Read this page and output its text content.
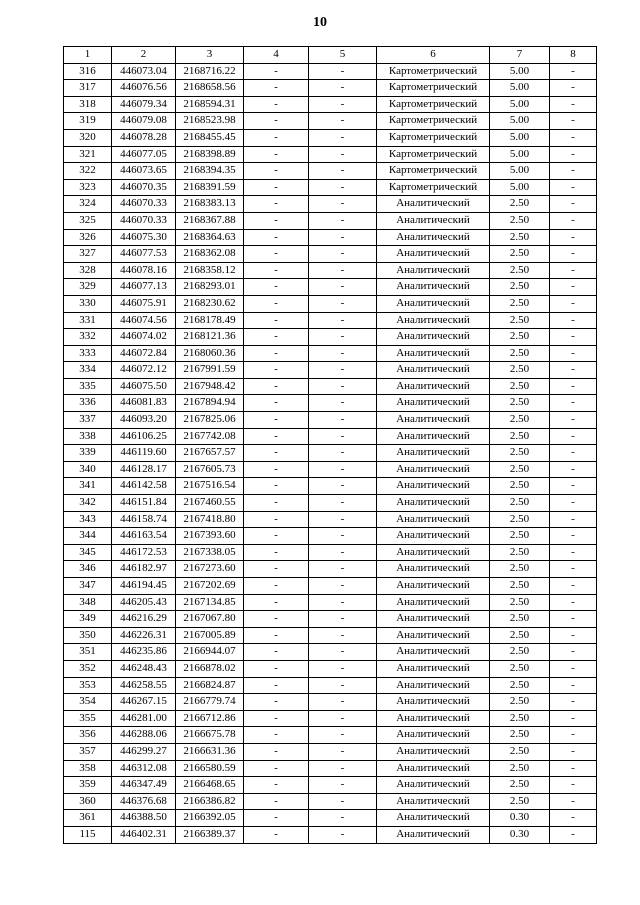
10
1	2	3	4	5	6	7	8
316	446073.04	2168716.22	-	-	Картометрический	5.00	-
317	446076.56	2168658.56	-	-	Картометрический	5.00	-
318	446079.34	2168594.31	-	-	Картометрический	5.00	-
319	446079.08	2168523.98	-	-	Картометрический	5.00	-
320	446078.28	2168455.45	-	-	Картометрический	5.00	-
321	446077.05	2168398.89	-	-	Картометрический	5.00	-
322	446073.65	2168394.35	-	-	Картометрический	5.00	-
323	446070.35	2168391.59	-	-	Картометрический	5.00	-
324	446070.33	2168383.13	-	-	Аналитический	2.50	-
325	446070.33	2168367.88	-	-	Аналитический	2.50	-
326	446075.30	2168364.63	-	-	Аналитический	2.50	-
327	446077.53	2168362.08	-	-	Аналитический	2.50	-
328	446078.16	2168358.12	-	-	Аналитический	2.50	-
329	446077.13	2168293.01	-	-	Аналитический	2.50	-
330	446075.91	2168230.62	-	-	Аналитический	2.50	-
331	446074.56	2168178.49	-	-	Аналитический	2.50	-
332	446074.02	2168121.36	-	-	Аналитический	2.50	-
333	446072.84	2168060.36	-	-	Аналитический	2.50	-
334	446072.12	2167991.59	-	-	Аналитический	2.50	-
335	446075.50	2167948.42	-	-	Аналитический	2.50	-
336	446081.83	2167894.94	-	-	Аналитический	2.50	-
337	446093.20	2167825.06	-	-	Аналитический	2.50	-
338	446106.25	2167742.08	-	-	Аналитический	2.50	-
339	446119.60	2167657.57	-	-	Аналитический	2.50	-
340	446128.17	2167605.73	-	-	Аналитический	2.50	-
341	446142.58	2167516.54	-	-	Аналитический	2.50	-
342	446151.84	2167460.55	-	-	Аналитический	2.50	-
343	446158.74	2167418.80	-	-	Аналитический	2.50	-
344	446163.54	2167393.60	-	-	Аналитический	2.50	-
345	446172.53	2167338.05	-	-	Аналитический	2.50	-
346	446182.97	2167273.60	-	-	Аналитический	2.50	-
347	446194.45	2167202.69	-	-	Аналитический	2.50	-
348	446205.43	2167134.85	-	-	Аналитический	2.50	-
349	446216.29	2167067.80	-	-	Аналитический	2.50	-
350	446226.31	2167005.89	-	-	Аналитический	2.50	-
351	446235.86	2166944.07	-	-	Аналитический	2.50	-
352	446248.43	2166878.02	-	-	Аналитический	2.50	-
353	446258.55	2166824.87	-	-	Аналитический	2.50	-
354	446267.15	2166779.74	-	-	Аналитический	2.50	-
355	446281.00	2166712.86	-	-	Аналитический	2.50	-
356	446288.06	2166675.78	-	-	Аналитический	2.50	-
357	446299.27	2166631.36	-	-	Аналитический	2.50	-
358	446312.08	2166580.59	-	-	Аналитический	2.50	-
359	446347.49	2166468.65	-	-	Аналитический	2.50	-
360	446376.68	2166386.82	-	-	Аналитический	2.50	-
361	446388.50	2166392.05	-	-	Аналитический	0.30	-
115	446402.31	2166389.37	-	-	Аналитический	0.30	-
